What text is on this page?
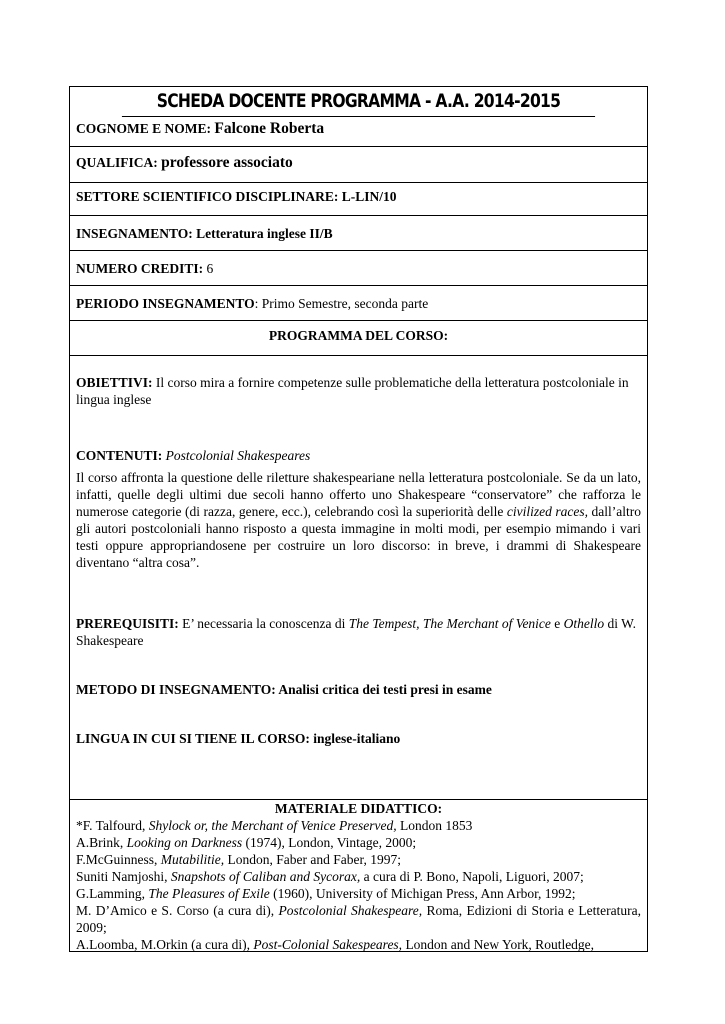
SCHEDA DOCENTE PROGRAMMA - A.A. 2014-2015
COGNOME E NOME: Falcone Roberta
QUALIFICA: professore associato
SETTORE SCIENTIFICO DISCIPLINARE: L-LIN/10
INSEGNAMENTO: Letteratura inglese II/B
NUMERO CREDITI: 6
PERIODO INSEGNAMENTO: Primo Semestre, seconda parte
PROGRAMMA DEL CORSO:

OBIETTIVI: Il corso mira a fornire competenze sulle problematiche della letteratura postcoloniale in lingua inglese

CONTENUTI: Postcolonial Shakespeares

Il corso affronta la questione delle riletture shakespeariane nella letteratura postcoloniale. Se da un lato, infatti, quelle degli ultimi due secoli hanno offerto uno Shakespeare “conservatore” che rafforza le numerose categorie (di razza, genere, ecc.), celebrando così la superiorità delle civilized races, dall’altro gli autori postcoloniali hanno risposto a questa immagine in molti modi, per esempio mimando i vari testi oppure appropriandosene per costruire un loro discorso: in breve, i drammi di Shakespeare diventano “altra cosa”.

PREREQUISITI: E’ necessaria la conoscenza di The Tempest, The Merchant of Venice e Othello di W. Shakespeare

METODO DI INSEGNAMENTO: Analisi critica dei testi presi in esame

LINGUA IN CUI SI TIENE IL CORSO: inglese-italiano

MATERIALE DIDATTICO:
*F. Talfourd, Shylock or, the Merchant of Venice Preserved, London 1853
A.Brink, Looking on Darkness (1974), London, Vintage, 2000;
F.McGuinness, Mutabilitie, London, Faber and Faber, 1997;
Suniti Namjoshi, Snapshots of Caliban and Sycorax, a cura di P. Bono, Napoli, Liguori, 2007;
G.Lamming, The Pleasures of Exile (1960), University of Michigan Press, Ann Arbor, 1992;
M. D’Amico e S. Corso (a cura di), Postcolonial Shakespeare, Roma, Edizioni di Storia e Letteratura, 2009;
A.Loomba, M.Orkin (a cura di), Post-Colonial Sakespeares, London and New York, Routledge,
